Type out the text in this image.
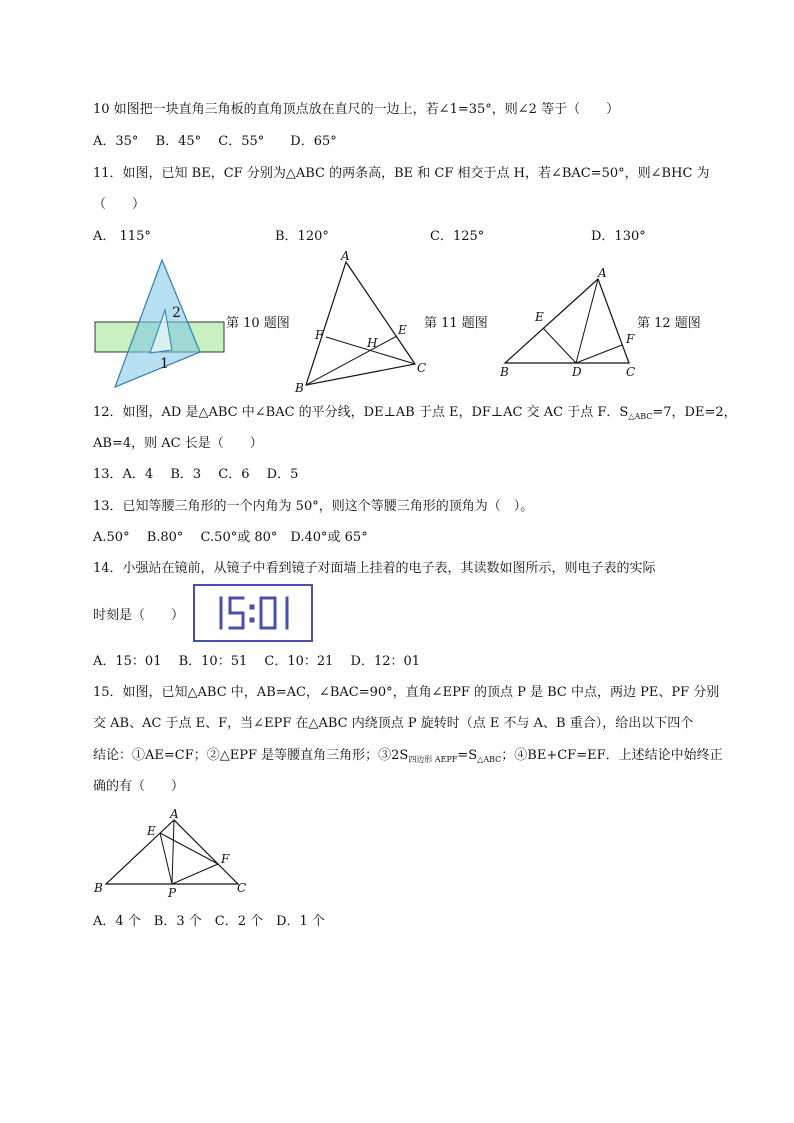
10 如图把一块直角三角板的直角顶点放在直尺的一边上，若∠1=35°，则∠2 等于（　　）
A．35°　 B．45°　 C．55°　　D．65°
11．如图，已知 BE，CF 分别为△ABC 的两条高，BE 和 CF 相交于点 H，若∠BAC=50°，则∠BHC 为
（　　）
A． 115°	B．120°	C．125°	D．130°
2
1
第 10 题图
A
B
C
E
F
H
第 11 题图
A
B	C
D
E
F
第 12 题图
12．如图，AD 是△ABC 中∠BAC 的平分线，DE⊥AB 于点 E，DF⊥AC 交 AC 于点 F．$S_{\triangle ABC}=7$，DE=2，
AB=4，则 AC 长是（　　）
13．A．4　 B．3　 C．6　 D．5
13．已知等腰三角形的一个内角为 50°，则这个等腰三角形的顶角为（　）。
A.50°　 B.80°　 C.50°或 80°　D.40°或 65°
14．小强站在镜前，从镜子中看到镜子对面墙上挂着的电子表，其读数如图所示，则电子表的实际
时刻是（　　）
A．15：01　 B．10：51　 C．10：21　 D．12：01
15．如图，已知△ABC 中，AB=AC，∠BAC=90°，直角∠EPF 的顶点 P 是 BC 中点，两边 PE、PF 分别
交 AB、AC 于点 E、F，当∠EPF 在△ABC 内绕顶点 P 旋转时（点 E 不与 A、B 重合），给出以下四个
结论：①AE=CF；②△EPF 是等腰直角三角形；$③2S_{四边形 AEPF}=S_{\triangle ABC}$；④BE+CF=EF．上述结论中始终正
确的有（　　）
A
B	C
E
F
P
A．4 个　B．3 个　C．2 个　D．1 个
